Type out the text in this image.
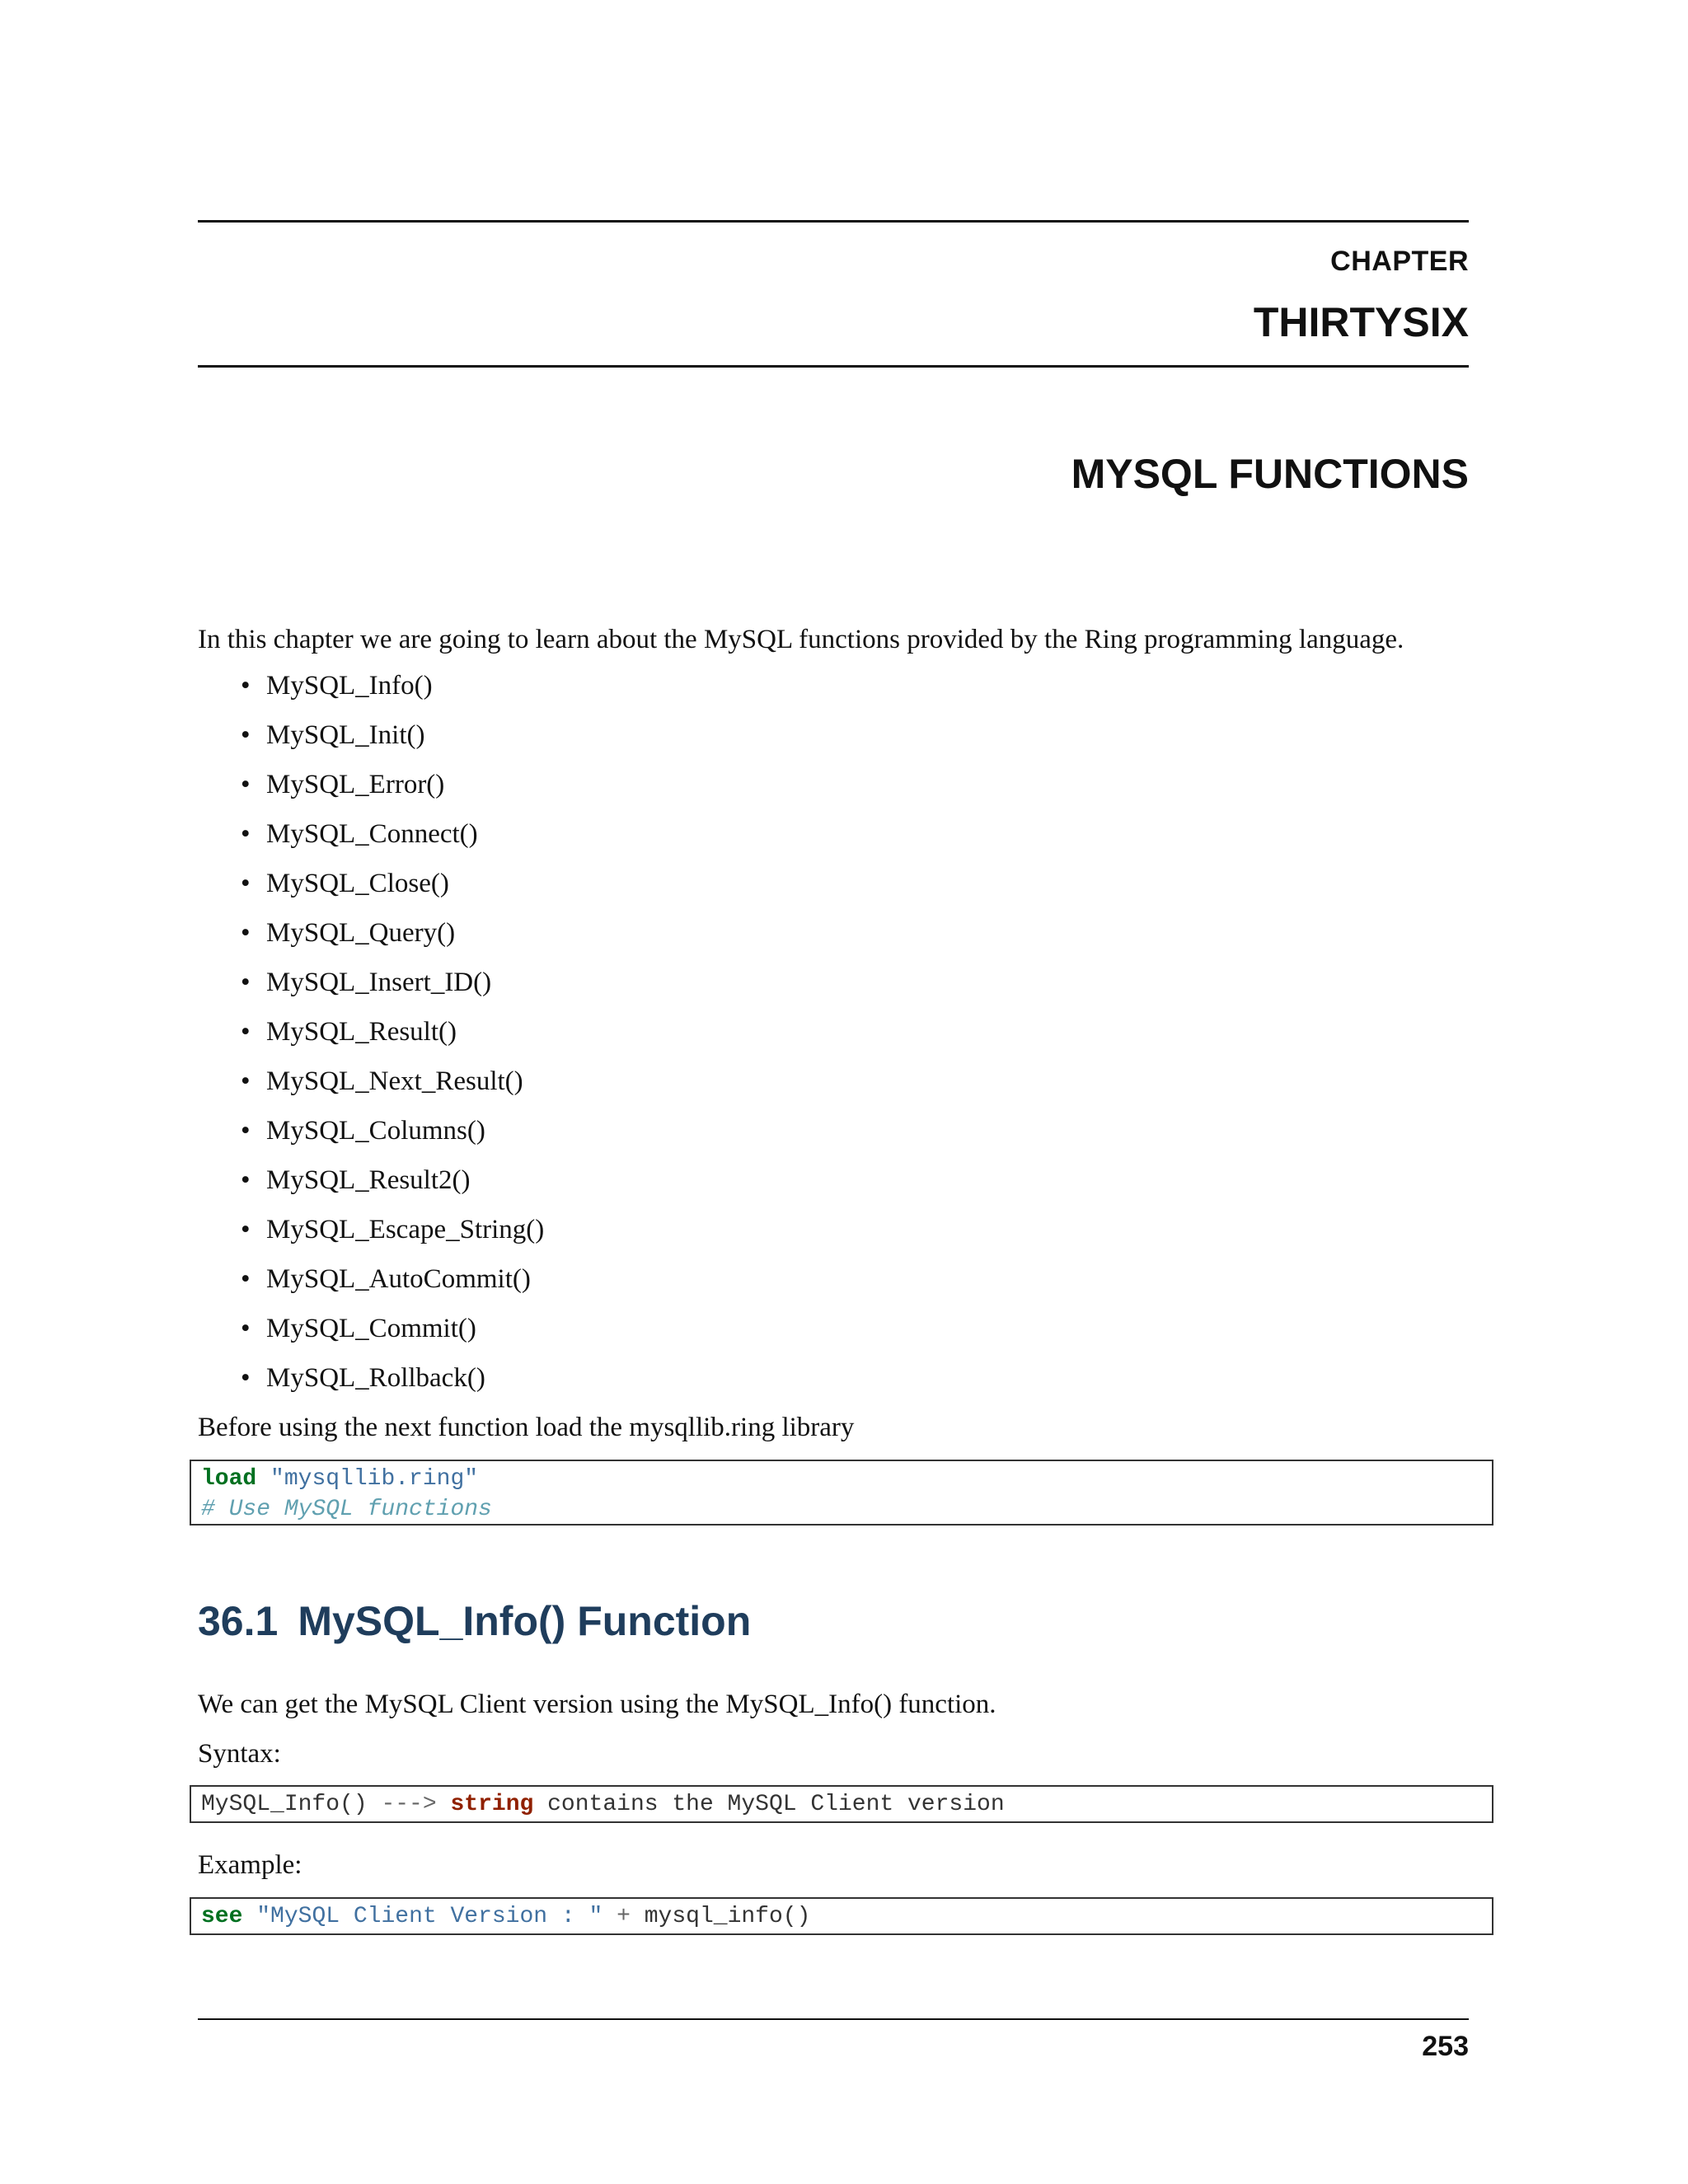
CHAPTER
THIRTYSIX
MYSQL FUNCTIONS
In this chapter we are going to learn about the MySQL functions provided by the Ring programming language.
• MySQL_Info()
• MySQL_Init()
• MySQL_Error()
• MySQL_Connect()
• MySQL_Close()
• MySQL_Query()
• MySQL_Insert_ID()
• MySQL_Result()
• MySQL_Next_Result()
• MySQL_Columns()
• MySQL_Result2()
• MySQL_Escape_String()
• MySQL_AutoCommit()
• MySQL_Commit()
• MySQL_Rollback()
Before using the next function load the mysqllib.ring library
load "mysqllib.ring"
# Use MySQL functions
36.1 MySQL_Info() Function
We can get the MySQL Client version using the MySQL_Info() function.
Syntax:
MySQL_Info() ---> string contains the MySQL Client version
Example:
see "MySQL Client Version : " + mysql_info()
253
